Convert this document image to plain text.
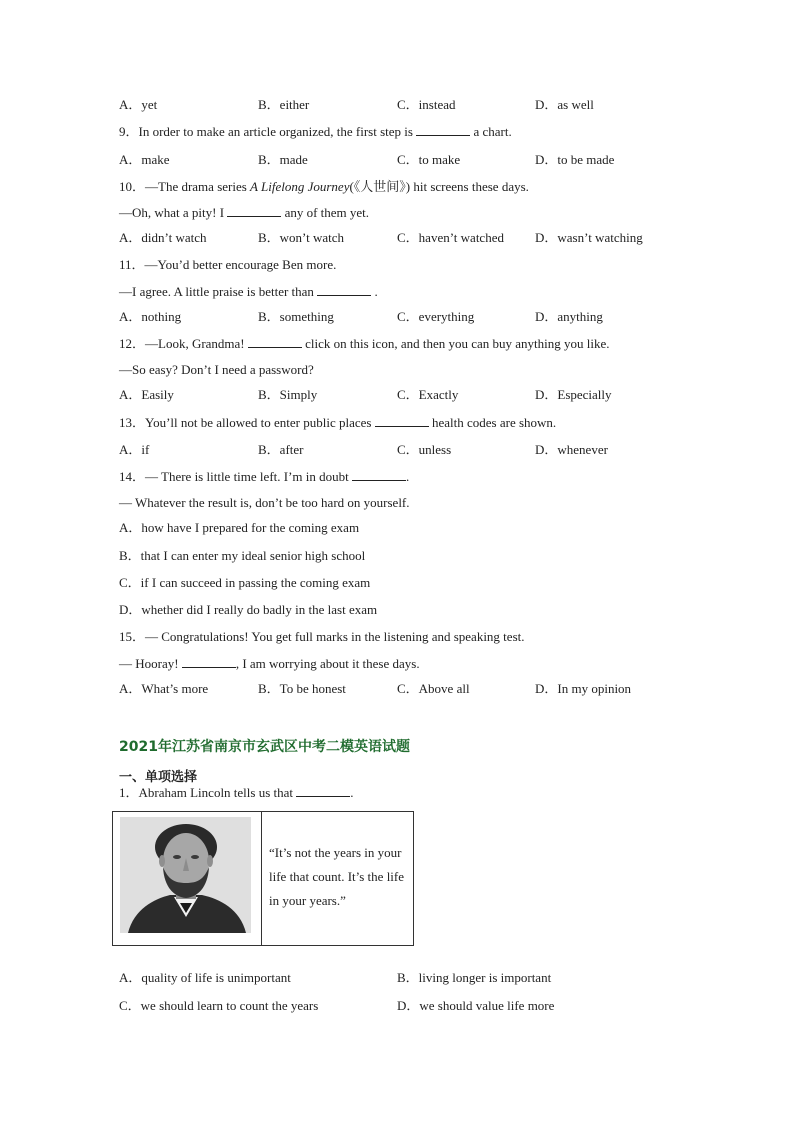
A．yet	B．either	C．instead	D．as well
9．In order to make an article organized, the first step is	a chart.
A．make	B．made	C．to make	D．to be made
10．—The drama series A Lifelong Journey(《人世间》) hit screens these days.
—Oh, what a pity! I	any of them yet.
A．didn’t watch	B．won’t watch	C．haven’t watched D．wasn’t watching
11．—You’d better encourage Ben more.
—I agree. A little praise is better than	.
A．nothing	B．something	C．everything	D．anything
12．—Look, Grandma!	click on this icon, and then you can buy anything you like.
—So easy? Don’t I need a password?
A．Easily	B．Simply	C．Exactly	D．Especially
13．You’ll not be allowed to enter public places	health codes are shown.
A．if	B．after	C．unless	D．whenever
14．— There is little time left. I’m in doubt	.
— Whatever the result is, don’t be too hard on yourself.
A．how have I prepared for the coming exam
B．that I can enter my ideal senior high school
C．if I can succeed in passing the coming exam
D．whether did I really do badly in the last exam
15．— Congratulations! You get full marks in the listening and speaking test.
— Hooray!	, I am worrying about it these days.
A．What’s more	B．To be honest	C．Above all	D．In my opinion
2021年江苏省南京市玄武区中考二模英语试题
一、单项选择
1．Abraham Lincoln tells us that	.
“It’s not the years in your life that count. It’s the life in your years.”
A．quality of life is unimportant	B．living longer is important
C．we should learn to count the years	D．we should value life more
